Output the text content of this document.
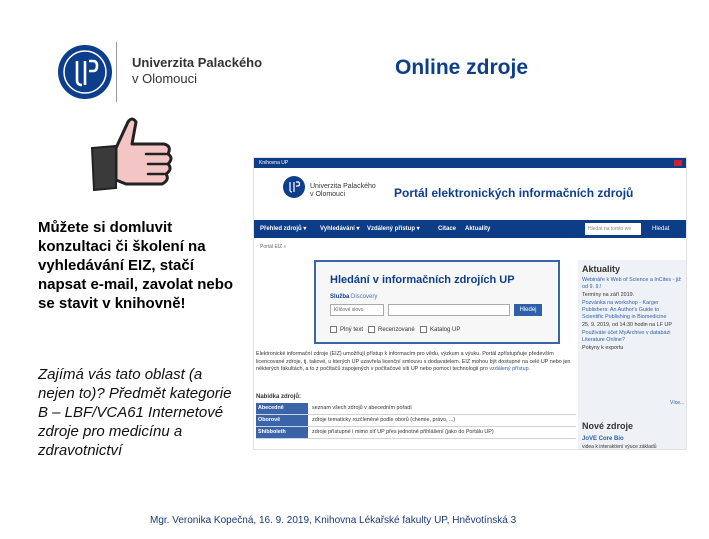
Univerzita Palackého
v Olomouci	Online zdroje
Můžete si domluvit konzultaci či školení na vyhledávání EIZ, stačí napsat e-mail, zavolat nebo se stavit v knihovně!
Zajímá vás tato oblast (a nejen to)? Předmět kategorie B – LBF/VCA61 Internetové zdroje pro medicínu a zdravotnictví
Knihovna UP
Univerzita Palackého
v Olomouci	Portál elektronických informačních zdrojů
Přehled zdrojů ▾ Vyhledávání ▾ Vzdálený přístup ▾	Citace Aktuality	Hledat na tomto we	Hledat
Portál EIZ »
Hledání v informačních zdrojích UP
Služba Discovery
Klíčové slovo	Hledej
Plný text	Recenzované	Katalog UP
Elektronické informační zdroje (EIZ) umožňují přístup k informacím pro vědu, výzkum a výuku. Portál zpřístupňuje především licencované zdroje, tj. takové, u kterých UP uzavřela licenční smlouvu s dodavatelem. EIZ mohou být dostupné na celé UP nebo jen některých fakultách, a to z počítačů zapojených v počítačové síti UP nebo pomocí technologií pro vzdálený přístup.
Nabídka zdrojů:
Abecedně	seznam všech zdrojů v abecedním pořadí
Oborově	zdroje tematicky rozčleněné podle oborů (chemie, právo, ...)
Shibboleth	zdroje přístupné i mimo síť UP přes jednotné přihlášení (jako do Portálu UP)
Aktuality
Webináře k Web of Science a InCites - již od 9. 9.!
Termíny na září 2019.
Pozvánka na workshop - Karger Publishers: An Author's Guide to Scientific Publishing in Biomedicine
25. 9. 2019, od 14:30 hodin na LF UP
Používáte účet MyArchive v databázi Literature Online?
Pokyny k exportu
Více...
Nové zdroje
JoVE Core Bio
videa k interaktivní výuce základů
Mgr. Veronika Kopečná, 16. 9. 2019, Knihovna Lékařské fakulty UP, Hněvotínská 3
